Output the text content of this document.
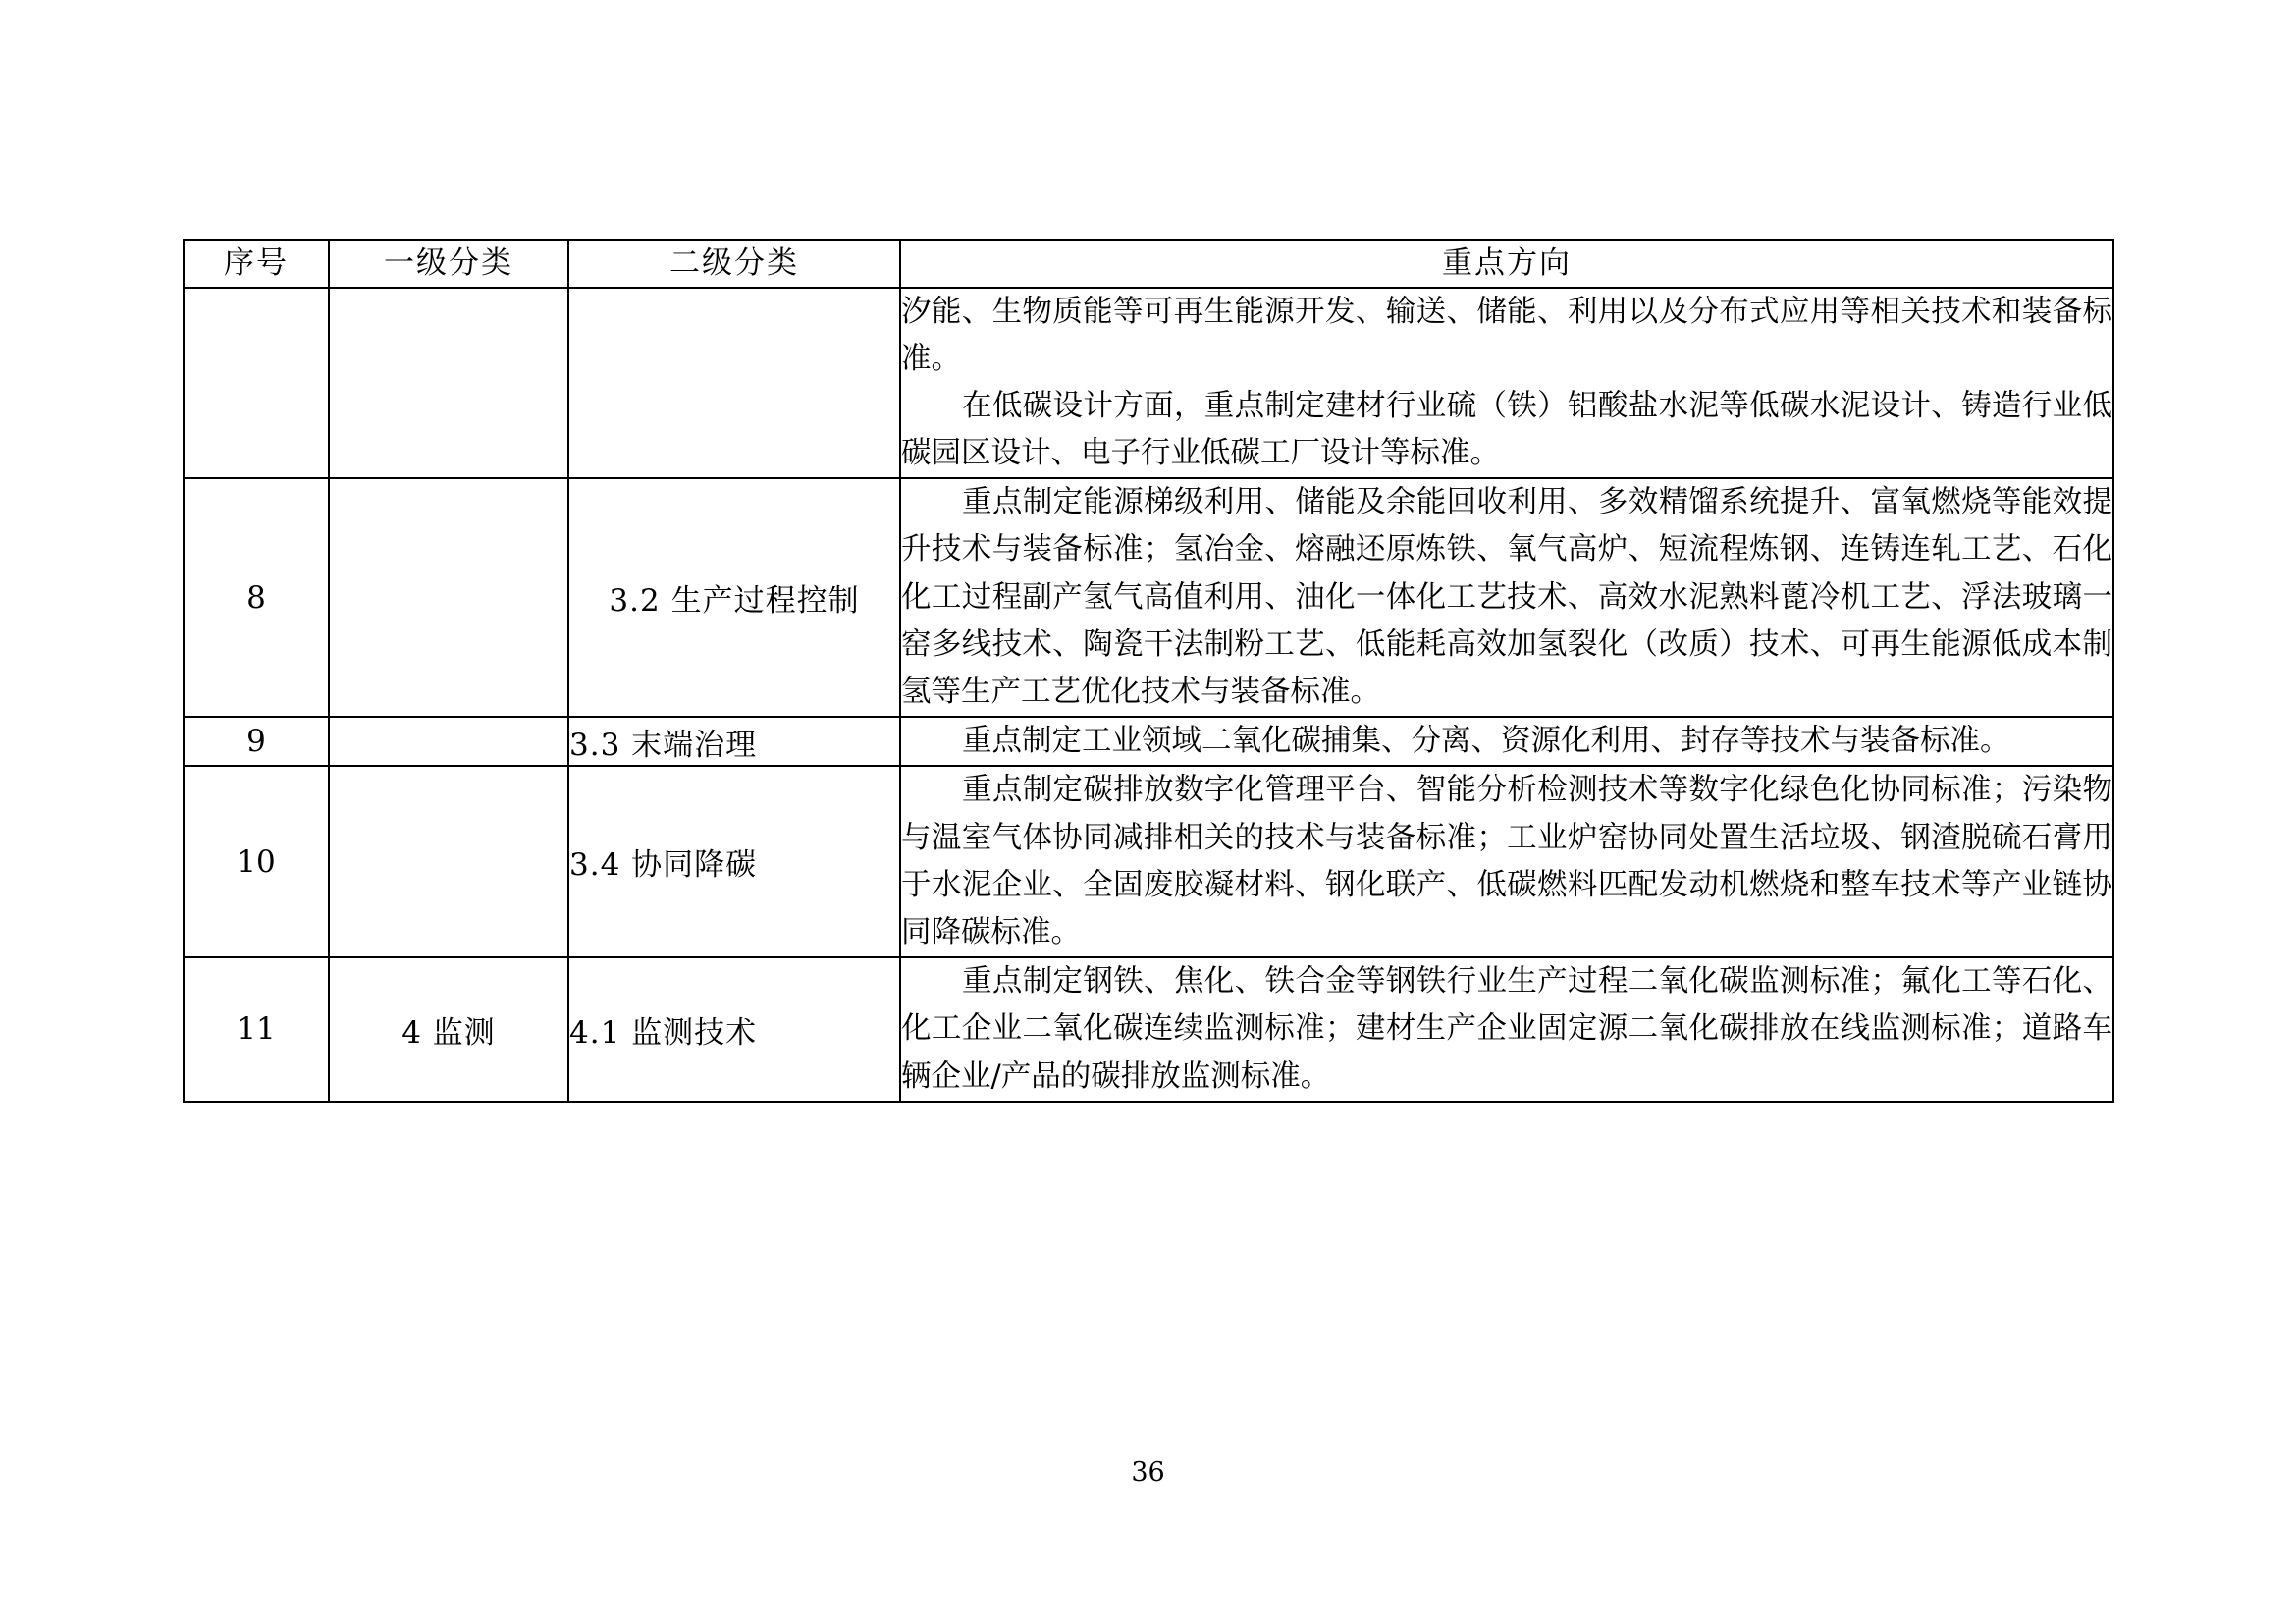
序号	一级分类	二级分类	重点方向

			汐能、生物质能等可再生能源开发、输送、储能、利用以及分布式应用等相关技术和装备标准。

在低碳设计方面，重点制定建材行业硫（铁）铝酸盐水泥等低碳水泥设计、铸造行业低碳园区设计、电子行业低碳工厂设计等标准。

8		3.2 生产过程控制	重点制定能源梯级利用、储能及余能回收利用、多效精馏系统提升、富氧燃烧等能效提升技术与装备标准；氢冶金、熔融还原炼铁、氧气高炉、短流程炼钢、连铸连轧工艺、石化化工过程副产氢气高值利用、油化一体化工艺技术、高效水泥熟料蓖冷机工艺、浮法玻璃一窑多线技术、陶瓷干法制粉工艺、低能耗高效加氢裂化（改质）技术、可再生能源低成本制氢等生产工艺优化技术与装备标准。

9		3.3 末端治理	重点制定工业领域二氧化碳捕集、分离、资源化利用、封存等技术与装备标准。

10		3.4 协同降碳	重点制定碳排放数字化管理平台、智能分析检测技术等数字化绿色化协同标准；污染物与温室气体协同减排相关的技术与装备标准；工业炉窑协同处置生活垃圾、钢渣脱硫石膏用于水泥企业、全固废胶凝材料、钢化联产、低碳燃料匹配发动机燃烧和整车技术等产业链协同降碳标准。

11	4 监测	4.1 监测技术	重点制定钢铁、焦化、铁合金等钢铁行业生产过程二氧化碳监测标准；氟化工等石化、化工企业二氧化碳连续监测标准；建材生产企业固定源二氧化碳排放在线监测标准；道路车辆企业/产品的碳排放监测标准。

36
